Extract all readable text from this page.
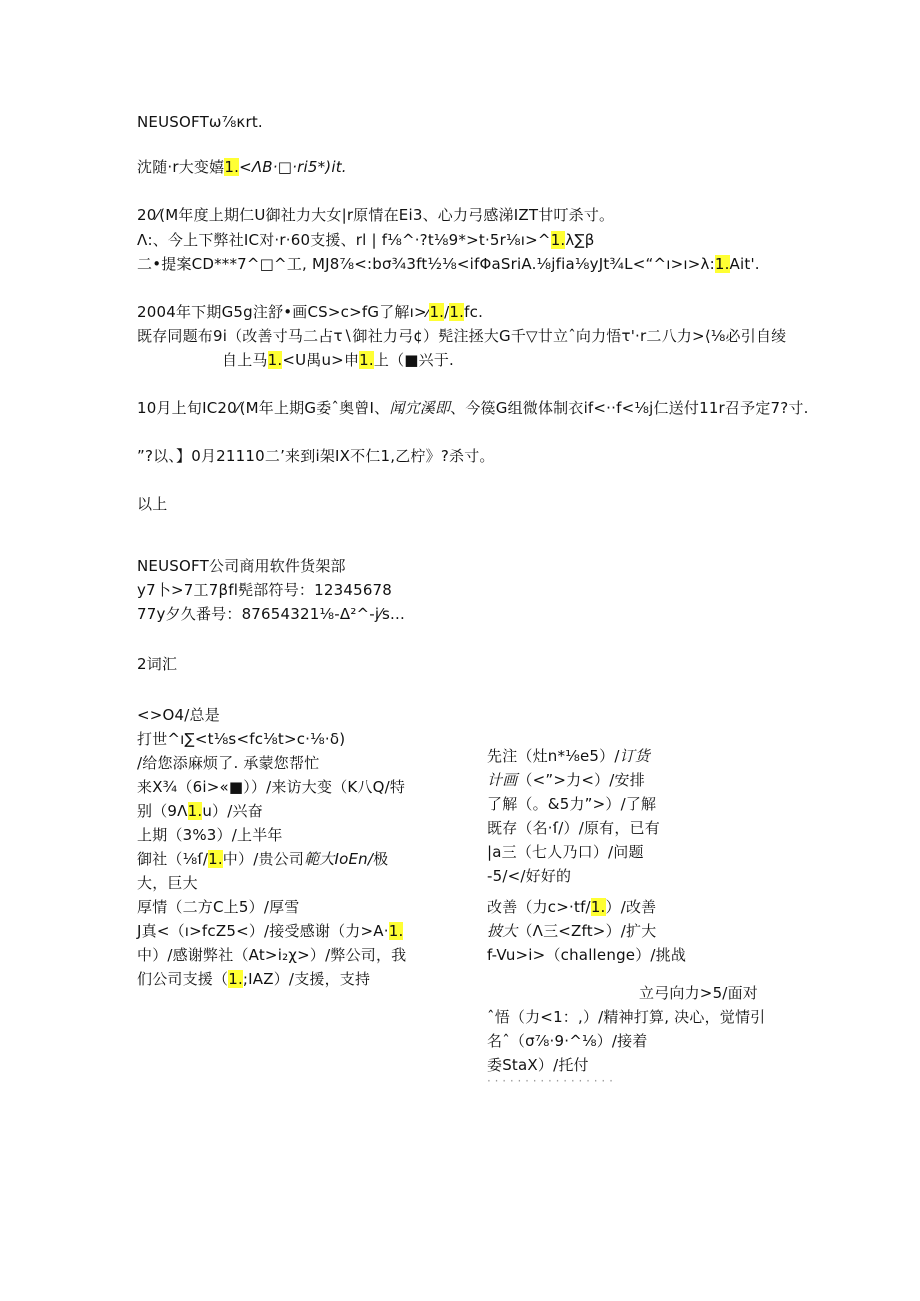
NEUSOFTω⅞κrt.
沈随·r大变嬉1.<ΛB·□·ri5*)it.
20⁄(M年度上期仁U御社力大女|r原情在Ei3、心力弓感涕IZT甘叮杀寸。
Λ:、今上下弊社IC对·r·60支援、rl | f⅛^·?t⅛9*>t·5r⅛ı>^1.λ∑β
二•提案CD***7^□^工, MJ8⅞<:bσ¾3ft½⅛<ifΦaSriA.⅛jfia⅛yJt¾L<“^ı>ı>λ:1.Ait'.
2004年下期G5g注舒•画CS>c>fG了解ı>⁄1./1.fc.
既存同题布9i（改善寸马二占τ∖御社力弓¢）髡注拯大G千▽廿立ˆ向力悟τ'·r二八力>⟨⅛必引自绫
自上马1.<U禺u>申1.上（■兴于.
10月上旬IC20⁄(M年上期G委ˆ奥曾I、闻宂溪即、今篌G组微体制衣if<··f<⅛j仁送付11r召予定7?寸.
”?以、】0月21110二’来到i架IX不仁1,乙柠》?杀寸。
以上
NEUSOFT公司商用软件货架部
y7卜>7工7βfl髡部符号：12345678
77y夕久番号：87654321⅛-Δ²^-j⁄s...
2词汇
<>O4/总是
打世^ı∑<t⅛s<fc⅛t>c·⅛·δ)
/给您添麻烦了. 承蒙您帮忙
来X¾（6i>«■））/来访大变（K八Q/特
别（9Λ1.u）/兴奋
上期（3%3）/上半年
御社（⅛ſ/1.中）/贵公司範大IoEn/极
大，巨大
厚情（二方C上5）/厚雪
J真<（ı>fcZ5<）/接受感谢（力>A·1.
中）/感谢弊社（At>i₂χ>）/弊公司，我
们公司支援（1.;IAZ）/支援，支持
先注（灶n*⅛e5）/订货
计画（<”>力<）/安排
了解（。&5力”>）/了解
既存（名·ſ/）/原有，已有
|a三（七人乃口）/问题
-5/</好好的
改善（力c>·tf/1.）/改善
披大（Λ三<Zft>）/扩大
f-Vu>i>（challenge）/挑战
立弓向力>5/面对
ˆ悟（力<1：,）/精神打算, 决心，觉情引
名ˆ（σ⅞·9·^⅛）/接着
委StaX）/托付
· · · · · · · · · · · · · · · · ·
